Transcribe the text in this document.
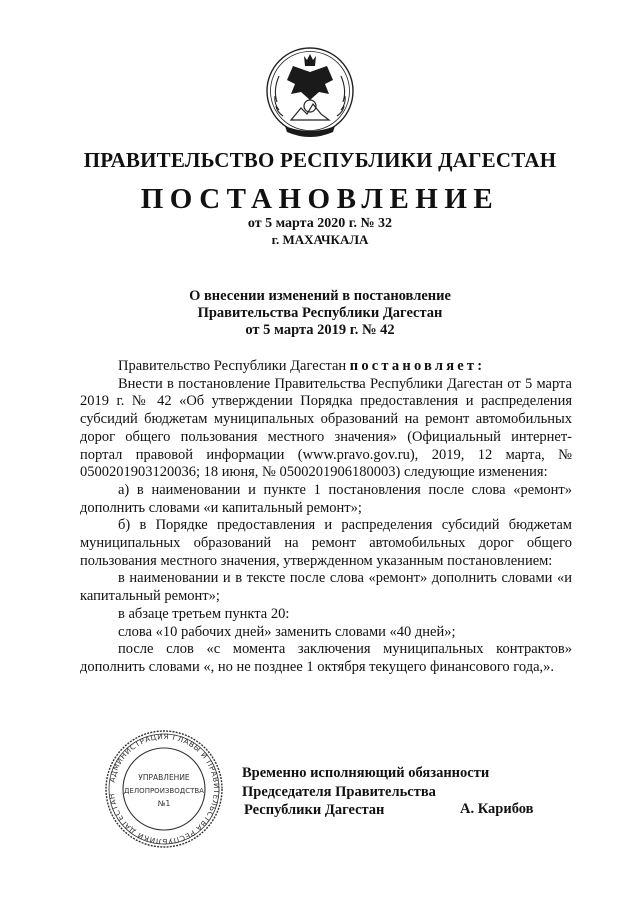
ПРАВИТЕЛЬСТВО РЕСПУБЛИКИ ДАГЕСТАН
ПОСТАНОВЛЕНИЕ
от 5 марта 2020 г. № 32
г. МАХАЧКАЛА
О внесении изменений в постановление
Правительства Республики Дагестан
от 5 марта 2019 г. № 42

Правительство Республики Дагестан постановляет:

Внести в постановление Правительства Республики Дагестан от 5 марта 2019 г. № 42 «Об утверждении Порядка предоставления и распределения субсидий бюджетам муниципальных образований на ремонт автомобильных дорог общего пользования местного значения» (Официальный интернет-портал правовой информации (www.pravo.gov.ru), 2019, 12 марта, № 0500201903120036; 18 июня, № 0500201906180003) следующие изменения:

а) в наименовании и пункте 1 постановления после слова «ремонт» дополнить словами «и капитальный ремонт»;

б) в Порядке предоставления и распределения субсидий бюджетам муниципальных образований на ремонт автомобильных дорог общего пользования местного значения, утвержденном указанным постановлением:

в наименовании и в тексте после слова «ремонт» дополнить словами «и капитальный ремонт»;

в абзаце третьем пункта 20:

слова «10 рабочих дней» заменить словами «40 дней»;

после слов «с момента заключения муниципальных контрактов» дополнить словами «, но не позднее 1 октября текущего финансового года,».

АДМИНИСТРАЦИЯ ГЛАВЫ И ПРАВИТЕЛЬСТВА РЕСПУБЛИКИ ДАГЕСТАН
УПРАВЛЕНИЕ
ДЕЛОПРОИЗВОДСТВА
№1
Временно исполняющий обязанности
Председателя Правительства
Республики Дагестан	А. Карибов
